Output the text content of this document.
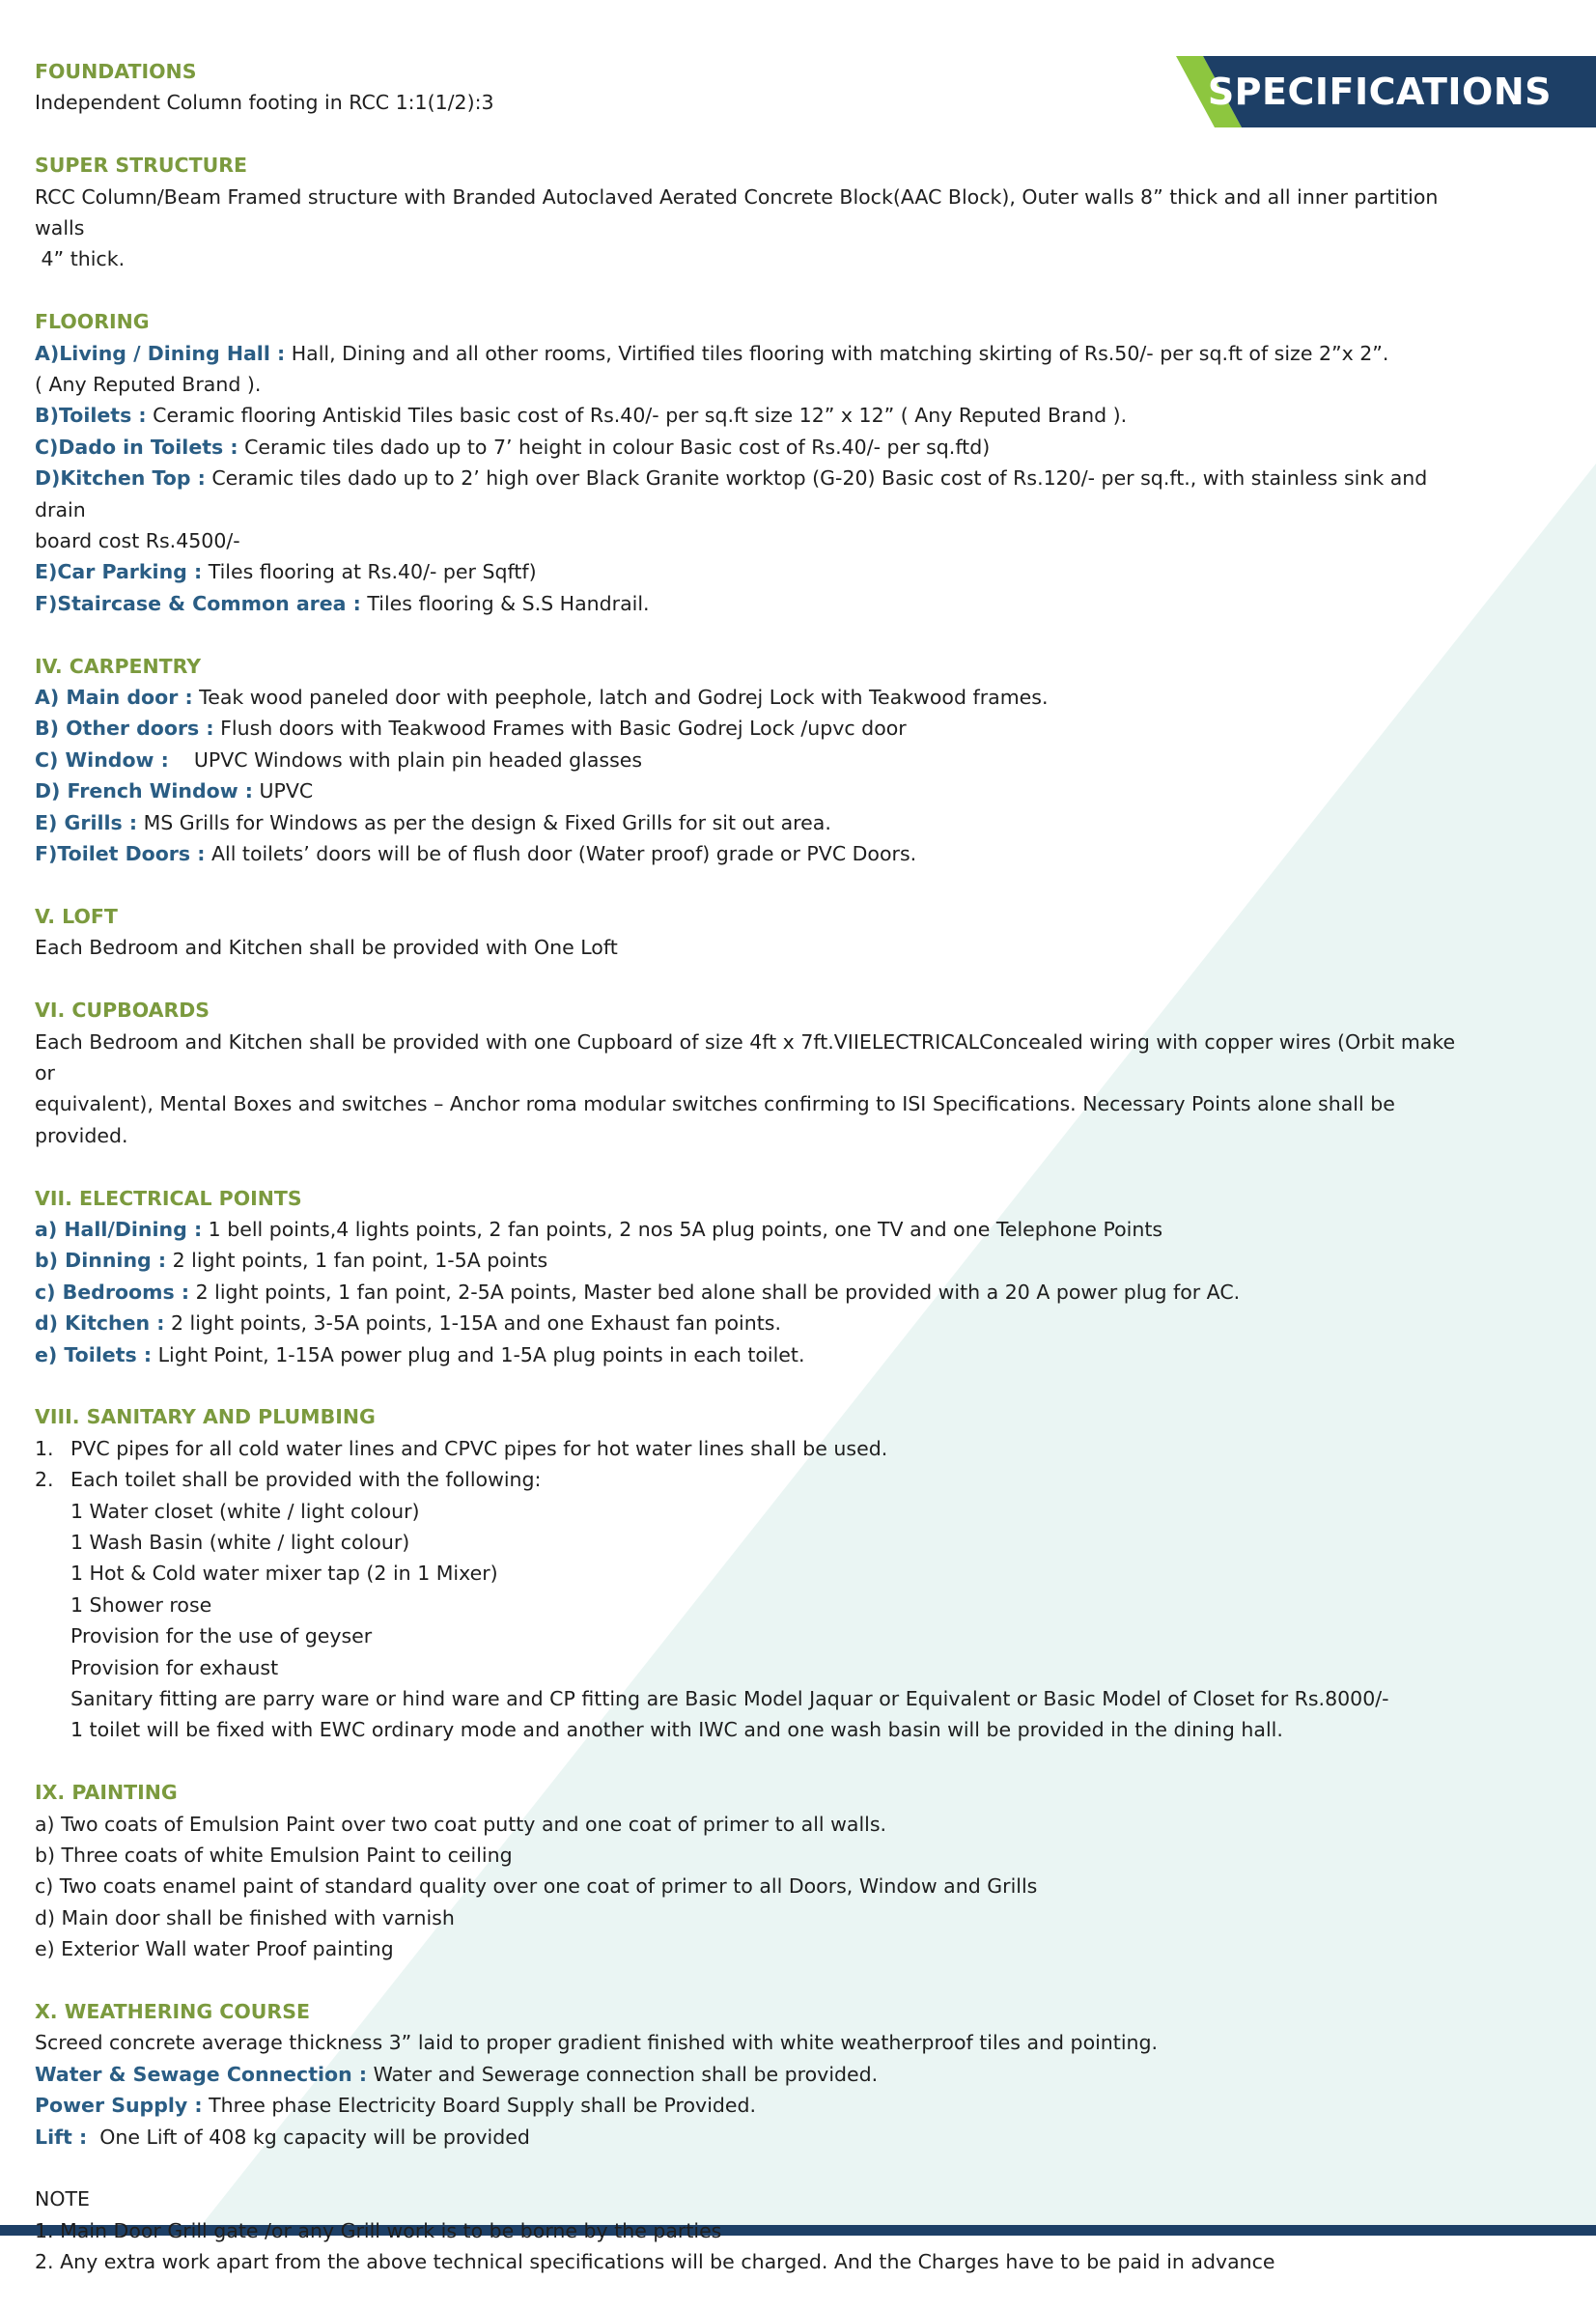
SPECIFICATIONS
FOUNDATIONS
Independent Column footing in RCC 1:1(1/2):3
SUPER STRUCTURE
RCC Column/Beam Framed structure with Branded Autoclaved Aerated Concrete Block(AAC Block), Outer walls 8” thick and all inner partition walls
4” thick.
FLOORING
A)Living / Dining Hall : Hall, Dining and all other rooms, Virtified tiles flooring with matching skirting of Rs.50/- per sq.ft of size 2”x 2”.
( Any Reputed Brand ).
B)Toilets : Ceramic flooring Antiskid Tiles basic cost of Rs.40/- per sq.ft size 12” x 12” ( Any Reputed Brand ).
C)Dado in Toilets : Ceramic tiles dado up to 7’ height in colour Basic cost of Rs.40/- per sq.ftd)
D)Kitchen Top : Ceramic tiles dado up to 2’ high over Black Granite worktop (G-20) Basic cost of Rs.120/- per sq.ft., with stainless sink and drain
board cost Rs.4500/-
E)Car Parking : Tiles flooring at Rs.40/- per Sqftf)
F)Staircase & Common area : Tiles flooring & S.S Handrail.
IV. CARPENTRY
A) Main door : Teak wood paneled door with peephole, latch and Godrej Lock with Teakwood frames.
B) Other doors : Flush doors with Teakwood Frames with Basic Godrej Lock /upvc door
C) Window :    UPVC Windows with plain pin headed glasses
D) French Window : UPVC
E) Grills : MS Grills for Windows as per the design & Fixed Grills for sit out area.
F)Toilet Doors : All toilets’ doors will be of flush door (Water proof) grade or PVC Doors.
V. LOFT
Each Bedroom and Kitchen shall be provided with One Loft
VI. CUPBOARDS
Each Bedroom and Kitchen shall be provided with one Cupboard of size 4ft x 7ft.VIIELECTRICALConcealed wiring with copper wires (Orbit make or
equivalent), Mental Boxes and switches – Anchor roma modular switches confirming to ISI Specifications. Necessary Points alone shall be provided.
VII. ELECTRICAL POINTS
a) Hall/Dining : 1 bell points,4 lights points, 2 fan points, 2 nos 5A plug points, one TV and one Telephone Points
b) Dinning : 2 light points, 1 fan point, 1-5A points
c) Bedrooms : 2 light points, 1 fan point, 2-5A points, Master bed alone shall be provided with a 20 A power plug for AC.
d) Kitchen : 2 light points, 3-5A points, 1-15A and one Exhaust fan points.
e) Toilets : Light Point, 1-15A power plug and 1-5A plug points in each toilet.
VIII. SANITARY AND PLUMBING
1. PVC pipes for all cold water lines and CPVC pipes for hot water lines shall be used.
2. Each toilet shall be provided with the following:
1 Water closet (white / light colour)
1 Wash Basin (white / light colour)
1 Hot & Cold water mixer tap (2 in 1 Mixer)
1 Shower rose
Provision for the use of geyser
Provision for exhaust
Sanitary fitting are parry ware or hind ware and CP fitting are Basic Model Jaquar or Equivalent or Basic Model of Closet for Rs.8000/-
1 toilet will be fixed with EWC ordinary mode and another with IWC and one wash basin will be provided in the dining hall.
IX. PAINTING
a) Two coats of Emulsion Paint over two coat putty and one coat of primer to all walls.
b) Three coats of white Emulsion Paint to ceiling
c) Two coats enamel paint of standard quality over one coat of primer to all Doors, Window and Grills
d) Main door shall be finished with varnish
e) Exterior Wall water Proof painting
X. WEATHERING COURSE
Screed concrete average thickness 3” laid to proper gradient finished with white weatherproof tiles and pointing.
Water & Sewage Connection : Water and Sewerage connection shall be provided.
Power Supply : Three phase Electricity Board Supply shall be Provided.
Lift :  One Lift of 408 kg capacity will be provided
NOTE
1. Main Door Grill gate /or any Grill work is to be borne by the parties
2. Any extra work apart from the above technical specifications will be charged. And the Charges have to be paid in advance
